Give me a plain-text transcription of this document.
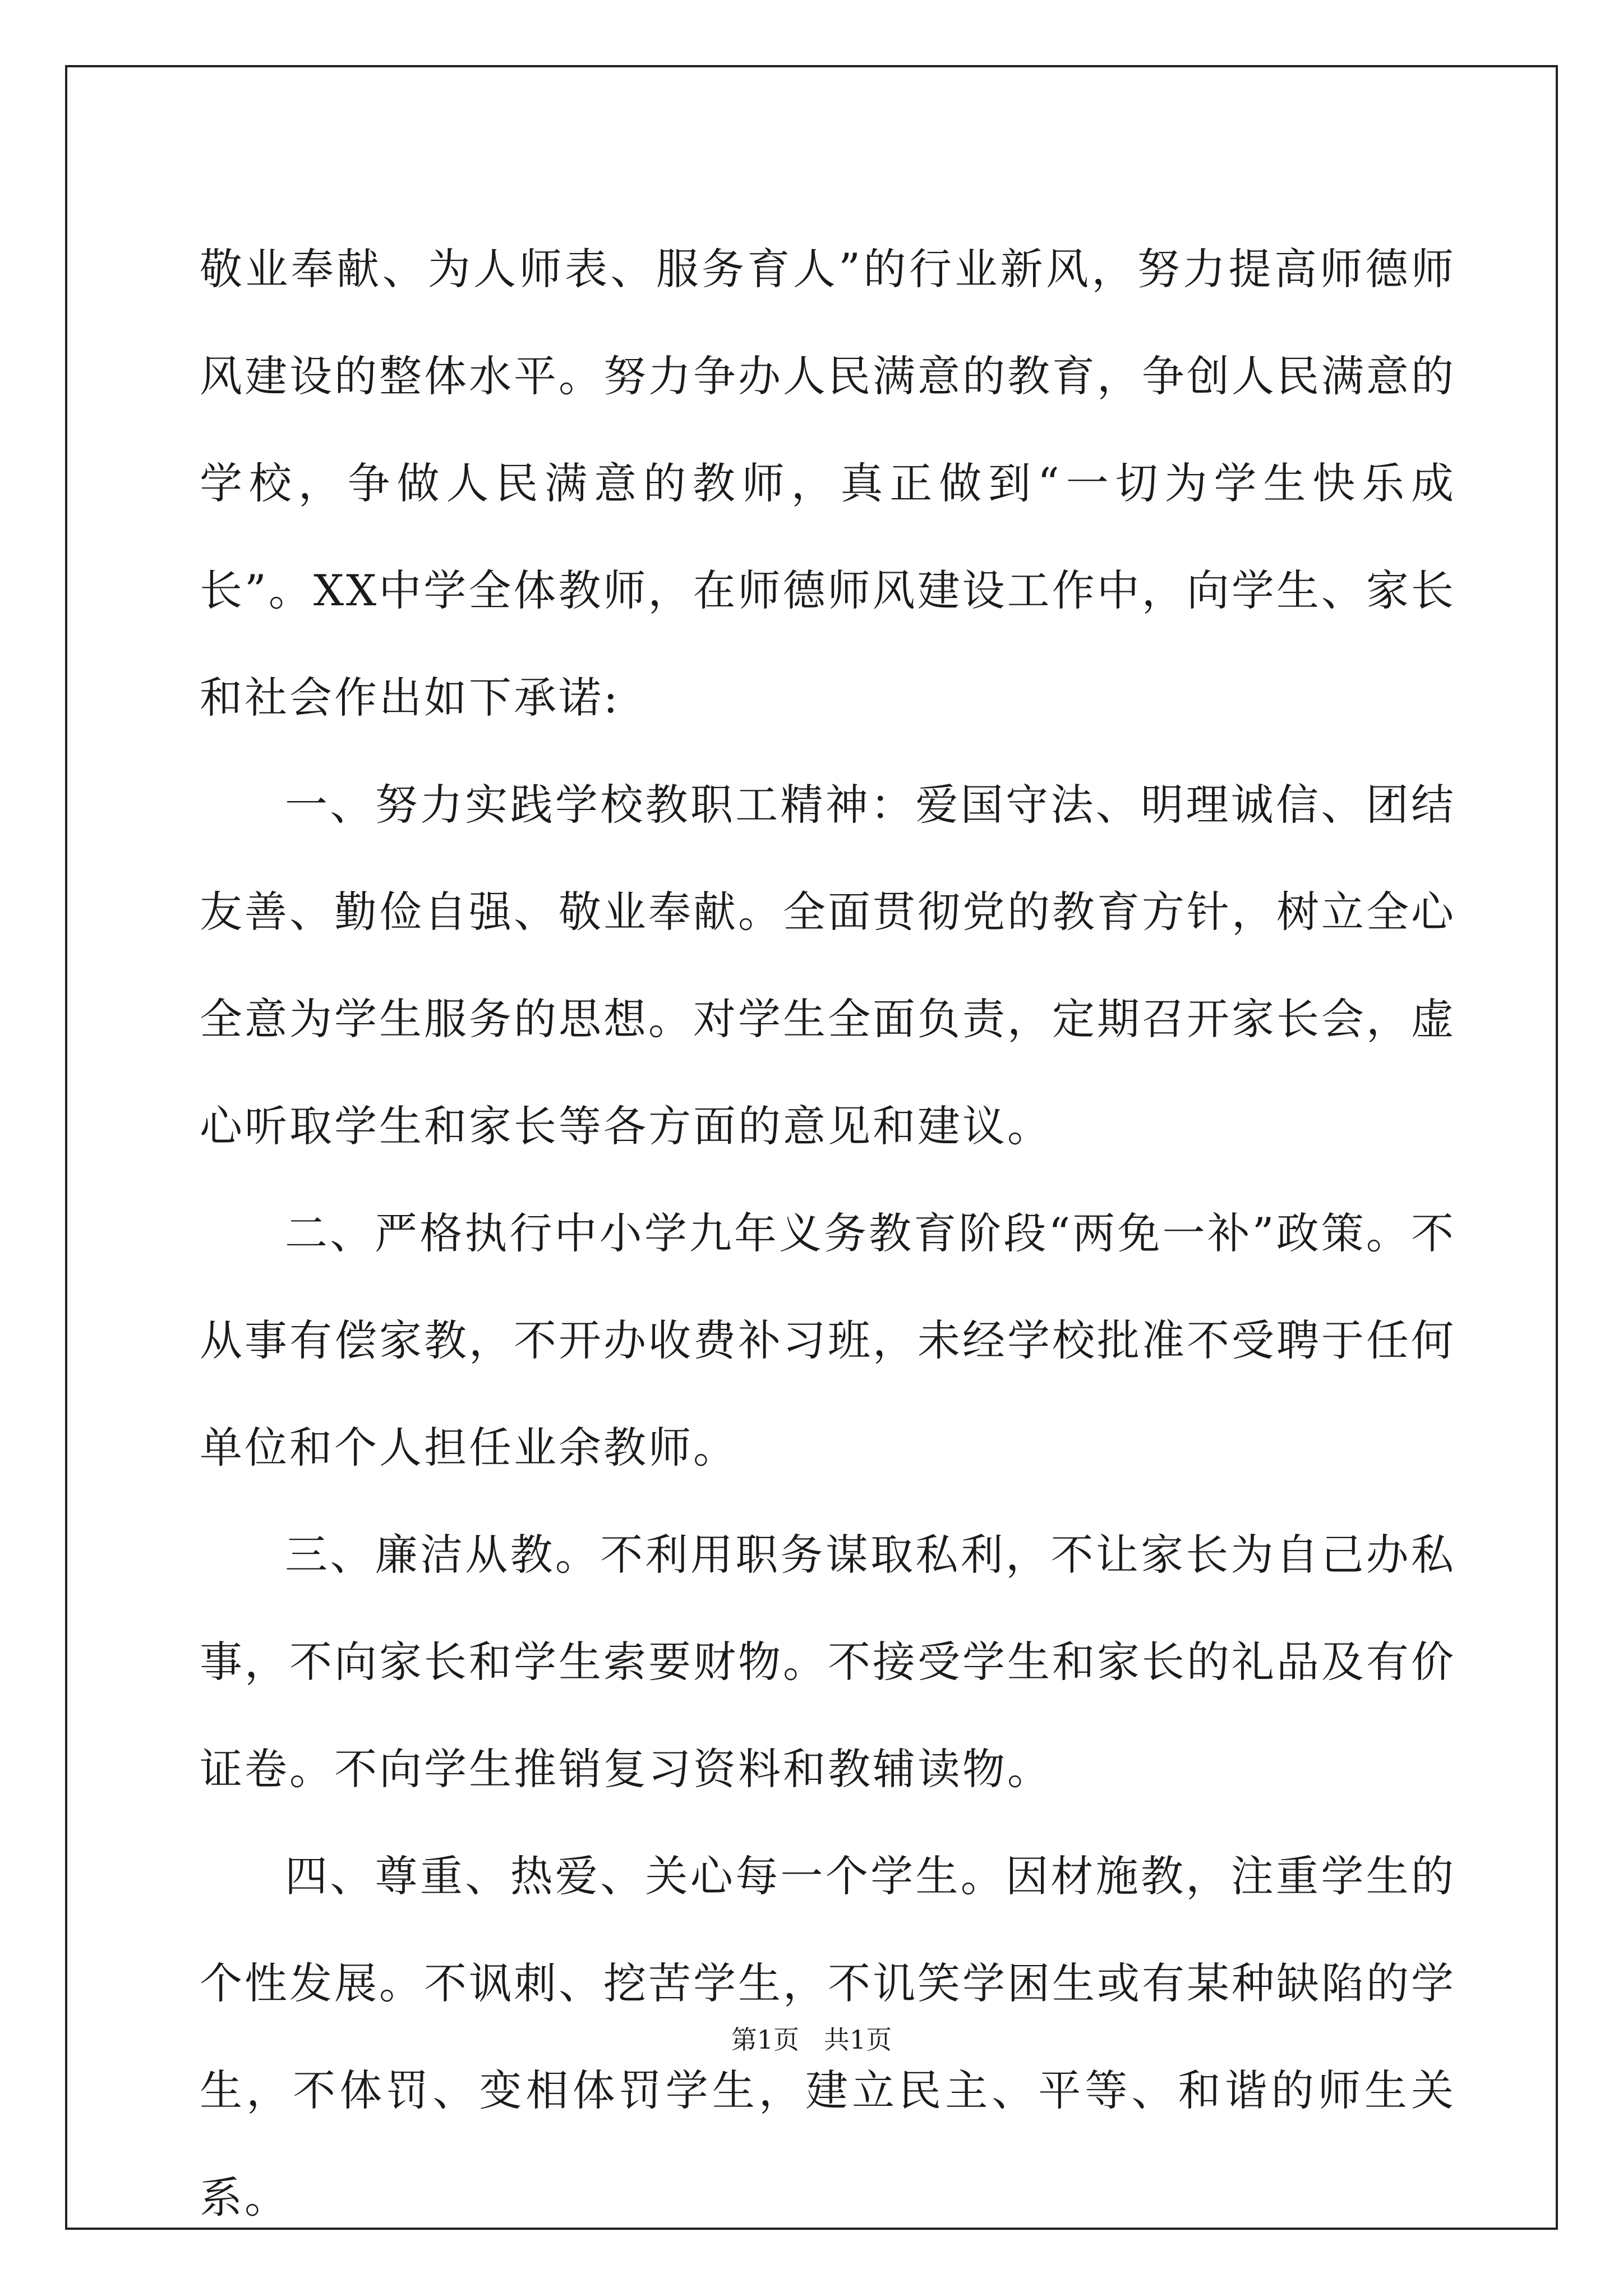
敬业奉献、为人师表、服务育人”的行业新风，努力提高师德师风建设的整体水平。努力争办人民满意的教育，争创人民满意的学校，争做人民满意的教师，真正做到“一切为学生快乐成长”。XX中学全体教师，在师德师风建设工作中，向学生、家长和社会作出如下承诺:

一、努力实践学校教职工精神：爱国守法、明理诚信、团结友善、勤俭自强、敬业奉献。全面贯彻党的教育方针，树立全心全意为学生服务的思想。对学生全面负责，定期召开家长会，虚心听取学生和家长等各方面的意见和建议。

二、严格执行中小学九年义务教育阶段“两免一补”政策。不从事有偿家教，不开办收费补习班，未经学校批准不受聘于任何单位和个人担任业余教师。

三、廉洁从教。不利用职务谋取私利，不让家长为自己办私事，不向家长和学生索要财物。不接受学生和家长的礼品及有价证卷。不向学生推销复习资料和教辅读物。

四、尊重、热爱、关心每一个学生。因材施教，注重学生的个性发展。不讽刺、挖苦学生，不讥笑学困生或有某种缺陷的学生，不体罚、变相体罚学生，建立民主、平等、和谐的师生关系。

第1页   共1页
